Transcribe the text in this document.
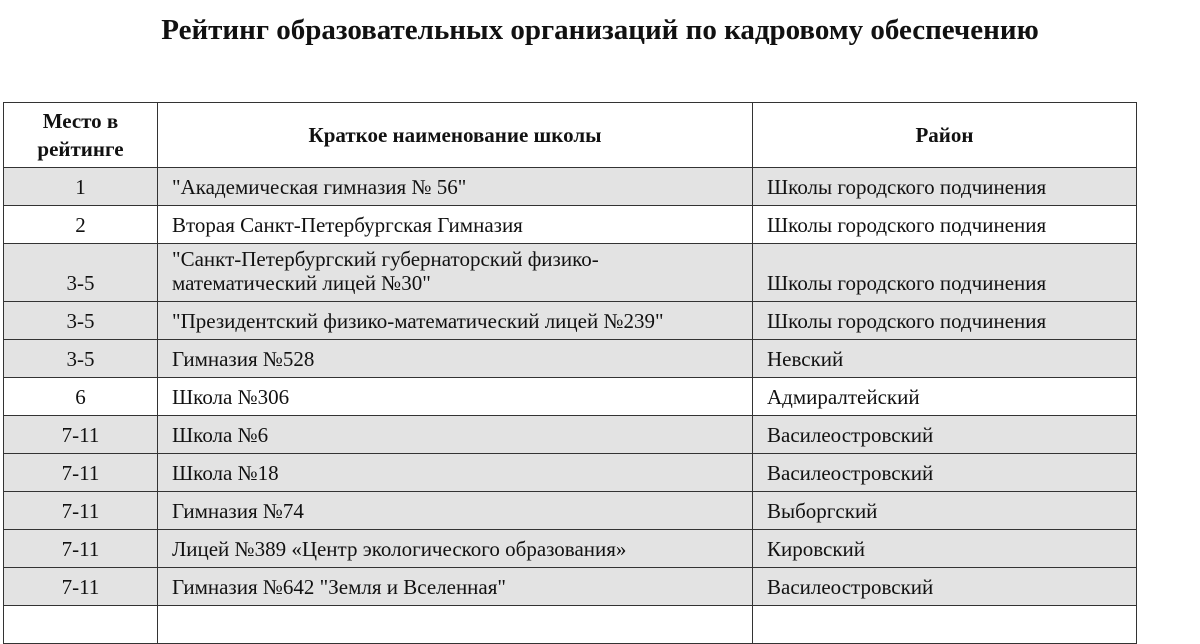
Рейтинг образовательных организаций по кадровому обеспечению
Место в рейтинге	Краткое наименование школы	Район
1	"Академическая гимназия № 56"	Школы городского подчинения
2	Вторая Санкт-Петербургская Гимназия	Школы городского подчинения
3-5	"Санкт-Петербургский губернаторский физико-математический лицей №30"	Школы городского подчинения
3-5	"Президентский физико-математический лицей №239"	Школы городского подчинения
3-5	Гимназия №528	Невский
6	Школа №306	Адмиралтейский
7-11	Школа №6	Василеостровский
7-11	Школа №18	Василеостровский
7-11	Гимназия №74	Выборгский
7-11	Лицей №389 «Центр экологического образования»	Кировский
7-11	Гимназия №642 "Земля и Вселенная"	Василеостровский
